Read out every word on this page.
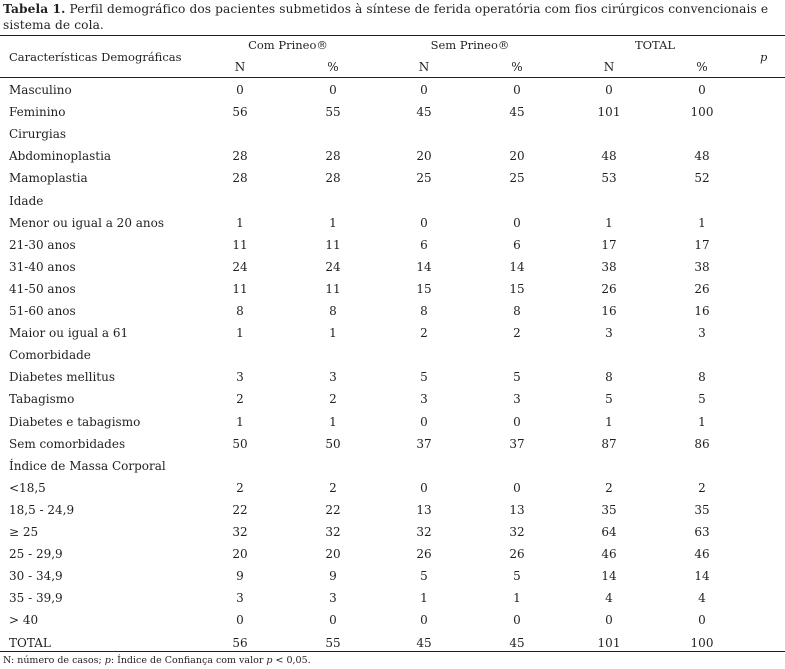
Tabela 1. Perfil demográfico dos pacientes submetidos à síntese de ferida operatória com fios cirúrgicos convencionais e sistema de cola.
Características Demográficas
Com Prineo®	Sem Prineo®	TOTAL
p
N	%	N	%	N	%
Masculino	0	0	0	0	0	0
Feminino	56	55	45	45	101	100
Cirurgias
Abdominoplastia	28	28	20	20	48	48
Mamoplastia	28	28	25	25	53	52
Idade
Menor ou igual a 20 anos	1	1	0	0	1	1
21-30 anos	11	11	6	6	17	17
31-40 anos	24	24	14	14	38	38
41-50 anos	11	11	15	15	26	26
51-60 anos	8	8	8	8	16	16
Maior ou igual a 61	1	1	2	2	3	3
Comorbidade
Diabetes mellitus	3	3	5	5	8	8
Tabagismo	2	2	3	3	5	5
Diabetes e tabagismo	1	1	0	0	1	1
Sem comorbidades	50	50	37	37	87	86
Índice de Massa Corporal
<18,5	2	2	0	0	2	2
18,5 - 24,9	22	22	13	13	35	35
≥ 25	32	32	32	32	64	63
25 - 29,9	20	20	26	26	46	46
30 - 34,9	9	9	5	5	14	14
35 - 39,9	3	3	1	1	4	4
> 40	0	0	0	0	0	0
TOTAL	56	55	45	45	101	100
N: número de casos; p: Índice de Confiança com valor p < 0,05.
